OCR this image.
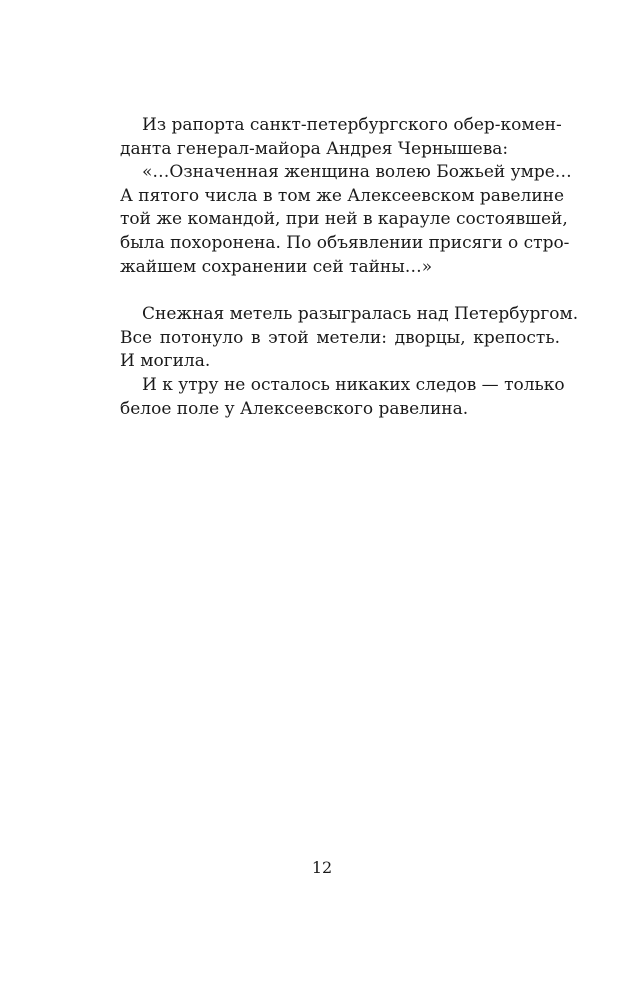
Из рапорта санкт-петербургского обер-комен-
данта генерал-майора Андрея Чернышева:
«…Означенная женщина волею Божьей умре…
А пятого числа в том же Алексеевском равелине
той же командой, при ней в карауле состоявшей,
была похоронена. По объявлении присяги о стро-
жайшем сохранении сей тайны…»
Снежная метель разыгралась над Петербургом.
Все потонуло в этой метели: дворцы, крепость.
И могила.
И к утру не осталось никаких следов — только
белое поле у Алексеевского равелина.
12
